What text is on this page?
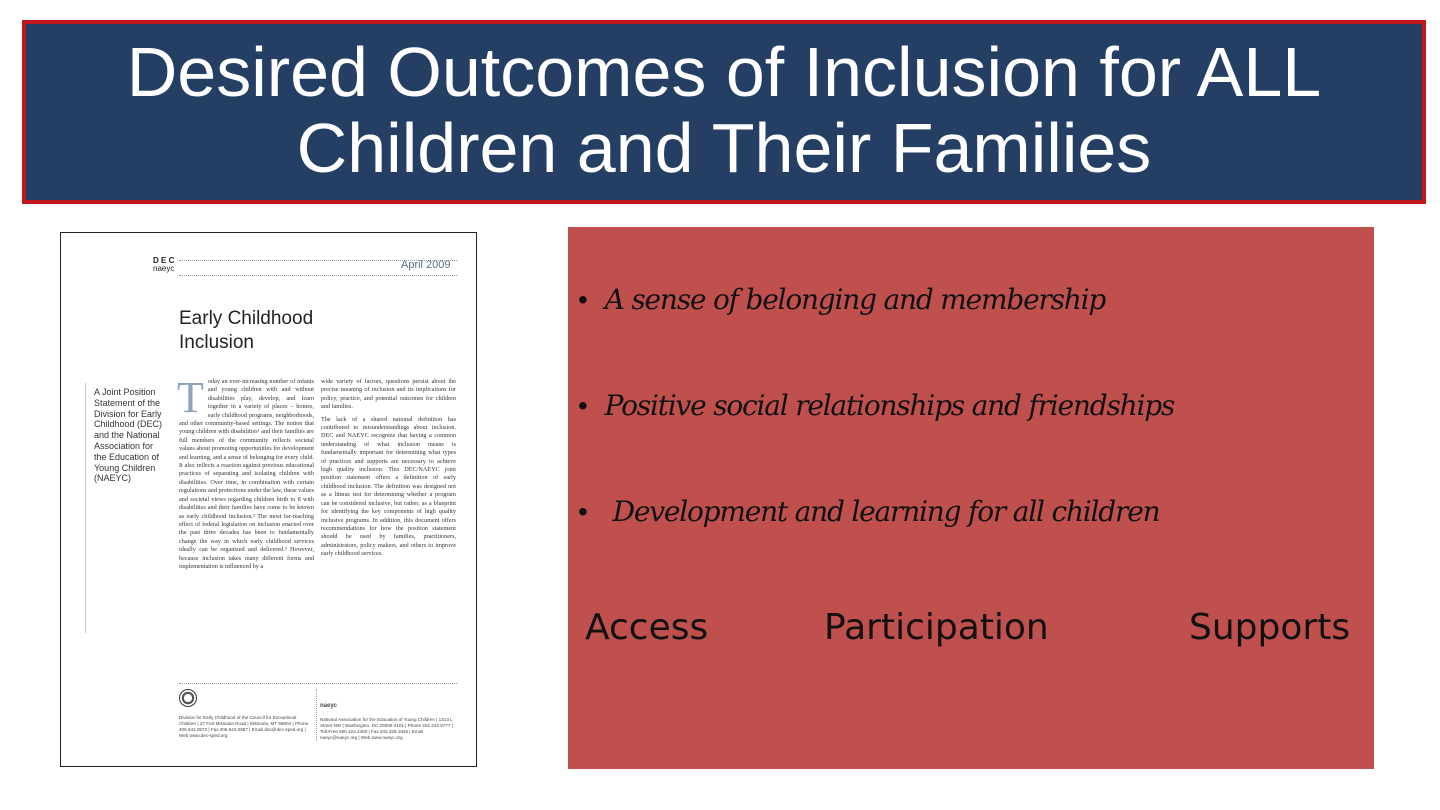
Desired Outcomes of Inclusion for ALL
Children and Their Families
D E C
naeyc	April 2009
Early Childhood
Inclusion
A Joint Position Statement of the Division for Early Childhood (DEC) and the National Association for the Education of Young Children (NAEYC)
T oday an ever-increasing number of infants and young children with and without disabilities play, develop, and learn together in a variety of places – homes, early childhood programs, neighborhoods, and other community-based settings. The notion that young children with disabilities¹ and their families are full members of the community reflects societal values about promoting opportunities for development and learning, and a sense of belonging for every child. It also reflects a reaction against previous educational practices of separating and isolating children with disabilities. Over time, in combination with certain regulations and protections under the law, these values and societal views regarding children birth to 8 with disabilities and their families have come to be known as early childhood inclusion.² The most far-reaching effect of federal legislation on inclusion enacted over the past three decades has been to fundamentally change the way in which early childhood services ideally can be organized and delivered.³ However, because inclusion takes many different forms and implementation is influenced by a

wide variety of factors, questions persist about the precise meaning of inclusion and its implications for policy, practice, and potential outcomes for children and families.

The lack of a shared national definition has contributed to misunderstandings about inclusion. DEC and NAEYC recognize that having a common understanding of what inclusion means is fundamentally important for determining what types of practices and supports are necessary to achieve high quality inclusion. This DEC/NAEYC joint position statement offers a definition of early childhood inclusion. The definition was designed not as a litmus test for determining whether a program can be considered inclusive, but rather, as a blueprint for identifying the key components of high quality inclusive programs. In addition, this document offers recommendations for how the position statement should be used by families, practitioners, administrators, policy makers, and others to improve early childhood services.

Division for Early Childhood of the Council for Exceptional Children | 27 Fort Missoula Road | Missoula, MT 59804 | Phone 406.543.0872 | Fax 406.543.0887 | Email dec@dec-sped.org | Web www.dec-sped.org
naeyc
National Association for the Education of Young Children | 1313 L Street NW | Washington, DC 20005-4101 | Phone 202.232.8777 | Toll-Free 800.424.2460 | Fax 202.328.1846 | Email naeyc@naeyc.org | Web www.naeyc.org
• A sense of belonging and membership
• Positive social relationships and friendships
• Development and learning for all children
Access	Participation	Supports
